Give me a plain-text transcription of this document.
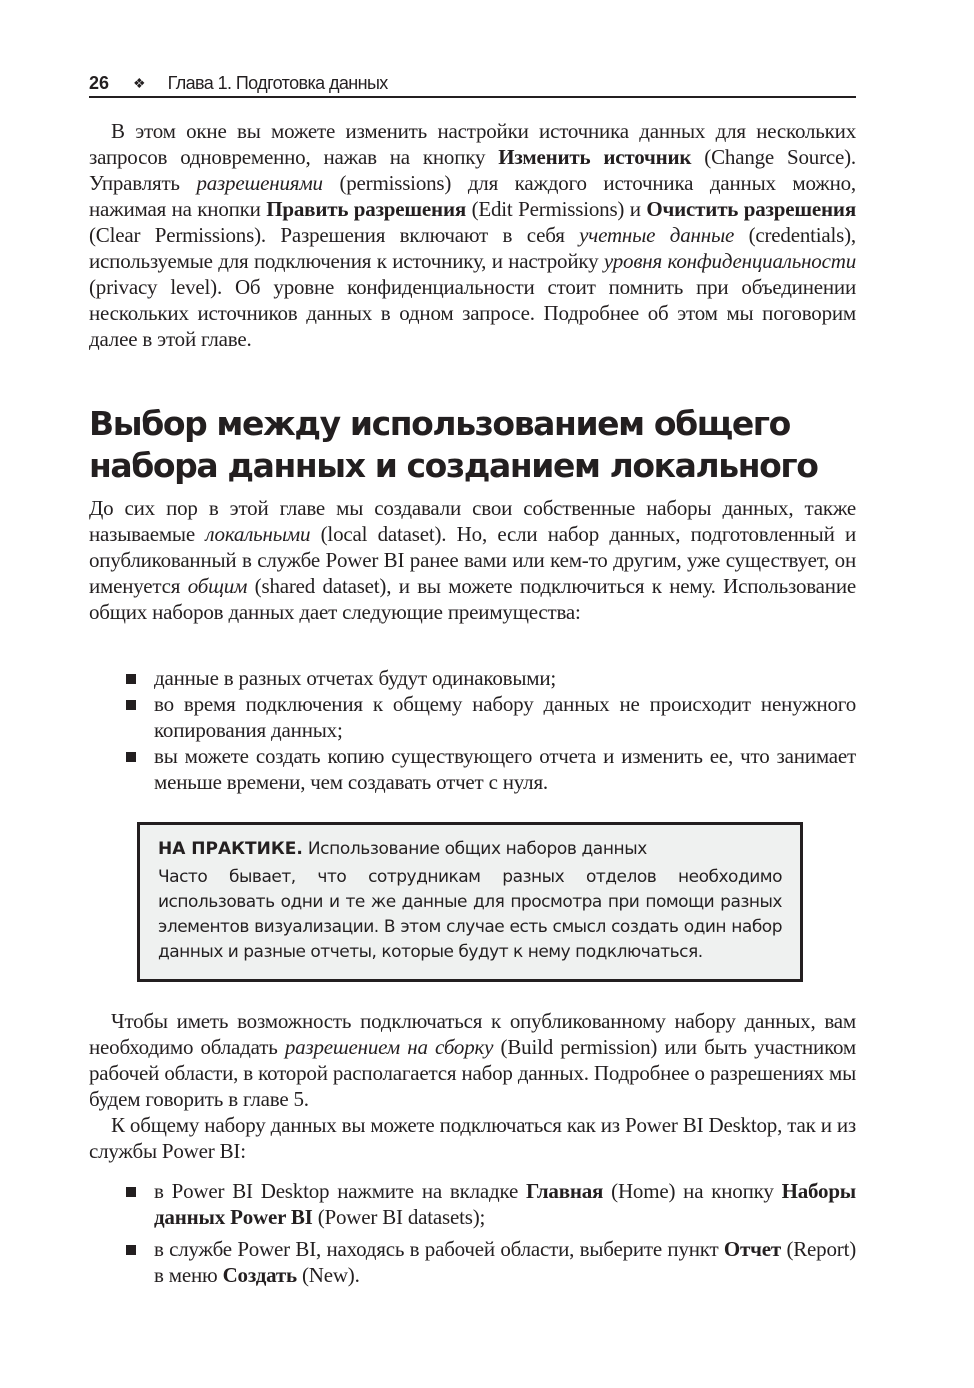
26 ❖ Глава 1. Подготовка данных

В этом окне вы можете изменить настройки источника данных для нескольких запросов одновременно, нажав на кнопку Изменить источник (Change Source). Управлять разрешениями (permissions) для каждого источника данных можно, нажимая на кнопки Править разрешения (Edit Permissions) и Очистить разрешения (Clear Permissions). Разрешения включают в себя учетные данные (credentials), используемые для подключения к источнику, и настройку уровня конфиденциальности (privacy level). Об уровне конфиденциальности стоит помнить при объединении нескольких источников данных в одном запросе. Подробнее об этом мы поговорим далее в этой главе.

Выбор между использованием общего набора данных и созданием локального

До сих пор в этой главе мы создавали свои собственные наборы данных, также называемые локальными (local dataset). Но, если набор данных, подготовленный и опубликованный в службе Power BI ранее вами или кем-то другим, уже существует, он именуется общим (shared dataset), и вы можете подключиться к нему. Использование общих наборов данных дает следующие преимущества:

данные в разных отчетах будут одинаковыми;
во время подключения к общему набору данных не происходит ненужного копирования данных;
вы можете создать копию существующего отчета и изменить ее, что занимает меньше времени, чем создавать отчет с нуля.

НА ПРАКТИКЕ. Использование общих наборов данных

Часто бывает, что сотрудникам разных отделов необходимо использовать одни и те же данные для просмотра при помощи разных элементов визуализации. В этом случае есть смысл создать один набор данных и разные отчеты, которые будут к нему подключаться.

Чтобы иметь возможность подключаться к опубликованному набору данных, вам необходимо обладать разрешением на сборку (Build permission) или быть участником рабочей области, в которой располагается набор данных. Подробнее о разрешениях мы будем говорить в главе 5.

К общему набору данных вы можете подключаться как из Power BI Desktop, так и из службы Power BI:

в Power BI Desktop нажмите на вкладке Главная (Home) на кнопку Наборы данных Power BI (Power BI datasets);
в службе Power BI, находясь в рабочей области, выберите пункт Отчет (Report) в меню Создать (New).
